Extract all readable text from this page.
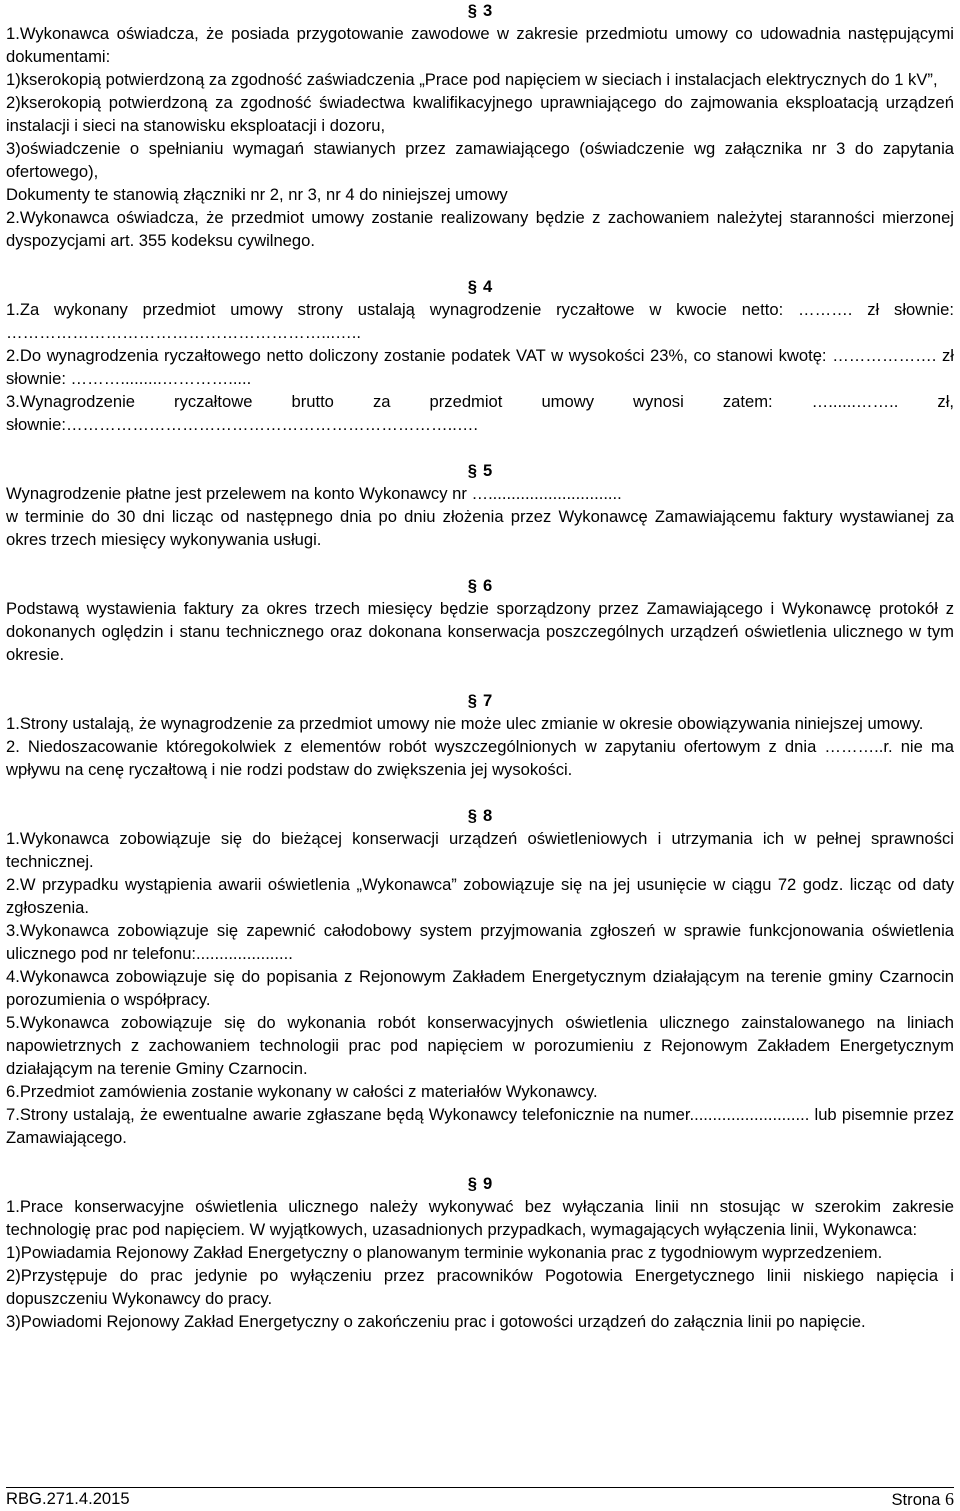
§ 3

1.Wykonawca oświadcza, że posiada przygotowanie zawodowe w zakresie przedmiotu umowy co udowadnia następującymi dokumentami:

1)kserokopią potwierdzoną za zgodność zaświadczenia „Prace pod napięciem w sieciach i instalacjach elektrycznych do 1 kV”,

2)kserokopią potwierdzoną za zgodność świadectwa kwalifikacyjnego uprawniającego do zajmowania eksploatacją urządzeń instalacji i sieci na stanowisku eksploatacji i dozoru,

3)oświadczenie o spełnianiu wymagań stawianych przez zamawiającego (oświadczenie wg załącznika nr 3 do zapytania ofertowego),

Dokumenty te stanowią złączniki nr 2, nr 3, nr 4 do niniejszej umowy

2.Wykonawca oświadcza, że przedmiot umowy zostanie realizowany będzie z zachowaniem należytej staranności mierzonej dyspozycjami art. 355 kodeksu cywilnego.

§ 4

1.Za wykonany przedmiot umowy strony ustalają wynagrodzenie ryczałtowe w kwocie netto: ………. zł słownie: …………………………………………………...…..

2.Do wynagrodzenia ryczałtowego netto doliczony zostanie podatek VAT w wysokości 23%, co stanowi kwotę: ………………. zł słownie: ……….........………….....

3.Wynagrodzenie ryczałtowe brutto za przedmiot umowy wynosi zatem: …......…….. zł, słownie:……………………………………………………………..….

§ 5

Wynagrodzenie płatne jest przelewem na konto Wykonawcy nr ….............................

w terminie do 30 dni licząc od następnego dnia po dniu złożenia przez Wykonawcę Zamawiającemu faktury wystawianej za okres trzech miesięcy wykonywania usługi.

§ 6

Podstawą wystawienia faktury za okres trzech miesięcy będzie sporządzony przez Zamawiającego i Wykonawcę protokół z dokonanych oględzin i stanu technicznego oraz dokonana konserwacja poszczególnych urządzeń oświetlenia ulicznego w tym okresie.

§ 7

1.Strony ustalają, że wynagrodzenie za przedmiot umowy nie może ulec zmianie w okresie obowiązywania niniejszej umowy.

2. Niedoszacowanie któregokolwiek z elementów robót wyszczególnionych w zapytaniu ofertowym z dnia ………..r. nie ma wpływu na cenę ryczałtową i nie rodzi podstaw do zwiększenia jej wysokości.

§ 8

1.Wykonawca zobowiązuje się do bieżącej konserwacji urządzeń oświetleniowych i utrzymania ich w pełnej sprawności technicznej.

2.W przypadku wystąpienia awarii oświetlenia „Wykonawca” zobowiązuje się na jej usunięcie w ciągu 72 godz. licząc od daty zgłoszenia.

3.Wykonawca zobowiązuje się zapewnić całodobowy system przyjmowania zgłoszeń w sprawie funkcjonowania oświetlenia ulicznego pod nr telefonu:.....................

4.Wykonawca zobowiązuje się do popisania z Rejonowym Zakładem Energetycznym działającym na terenie gminy Czarnocin porozumienia o współpracy.

5.Wykonawca zobowiązuje się do wykonania robót konserwacyjnych oświetlenia ulicznego zainstalowanego na liniach napowietrznych z zachowaniem technologii prac pod napięciem w porozumieniu z Rejonowym Zakładem Energetycznym działającym na terenie Gminy Czarnocin.

6.Przedmiot zamówienia zostanie wykonany w całości z materiałów Wykonawcy.

7.Strony ustalają, że ewentualne awarie zgłaszane będą Wykonawcy telefonicznie na numer.......................... lub pisemnie przez Zamawiającego.

§ 9

1.Prace konserwacyjne oświetlenia ulicznego należy wykonywać bez wyłączania linii nn stosując w szerokim zakresie technologię prac pod napięciem. W wyjątkowych, uzasadnionych przypadkach, wymagających wyłączenia linii, Wykonawca:

1)Powiadamia Rejonowy Zakład Energetyczny o planowanym terminie wykonania prac z tygodniowym wyprzedzeniem.

2)Przystępuje do prac jedynie po wyłączeniu przez pracowników Pogotowia Energetycznego linii niskiego napięcia i dopuszczeniu Wykonawcy do pracy.

3)Powiadomi Rejonowy Zakład Energetyczny o zakończeniu prac i gotowości urządzeń do załącznia linii po napięcie.

RBG.271.4.2015	Strona 6
